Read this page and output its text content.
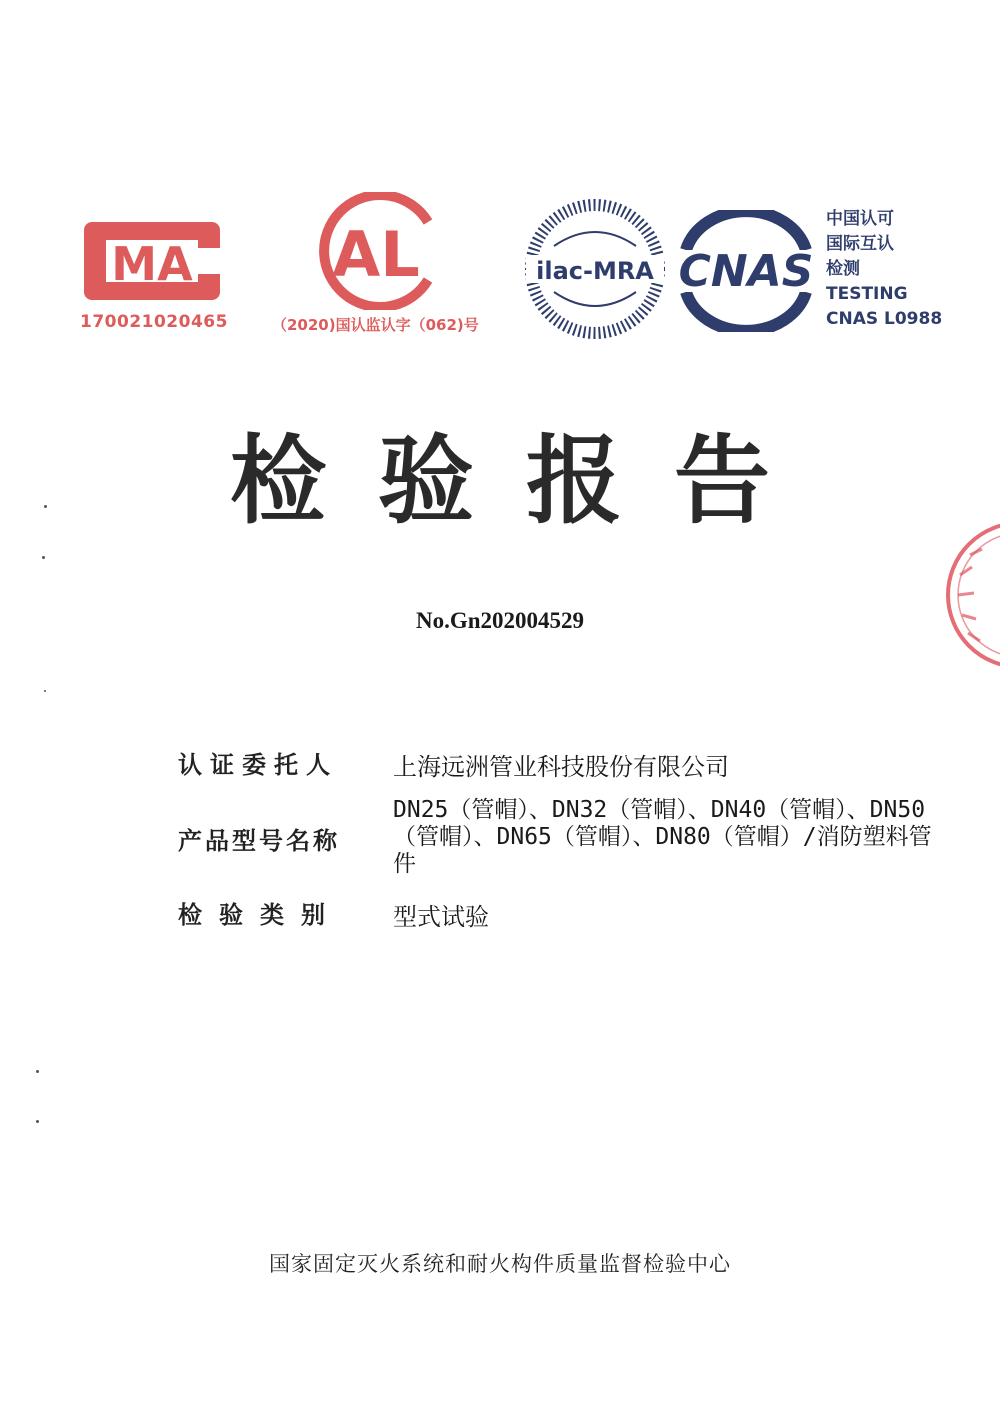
MA
170021020465
AL
（2020)国认监认字（062)号
ilac-MRA CNAS
中国认可
国际互认
检测
TESTING
CNAS L0988
检验报告
No.Gn202004529
认证委托人 上海远洲管业科技股份有限公司
产品型号名称
DN25（管帽）、DN32（管帽）、DN40（管帽）、DN50（管帽）、DN65（管帽）、DN80（管帽）/消防塑料管件
检验类别 型式试验
国家固定灭火系统和耐火构件质量监督检验中心
